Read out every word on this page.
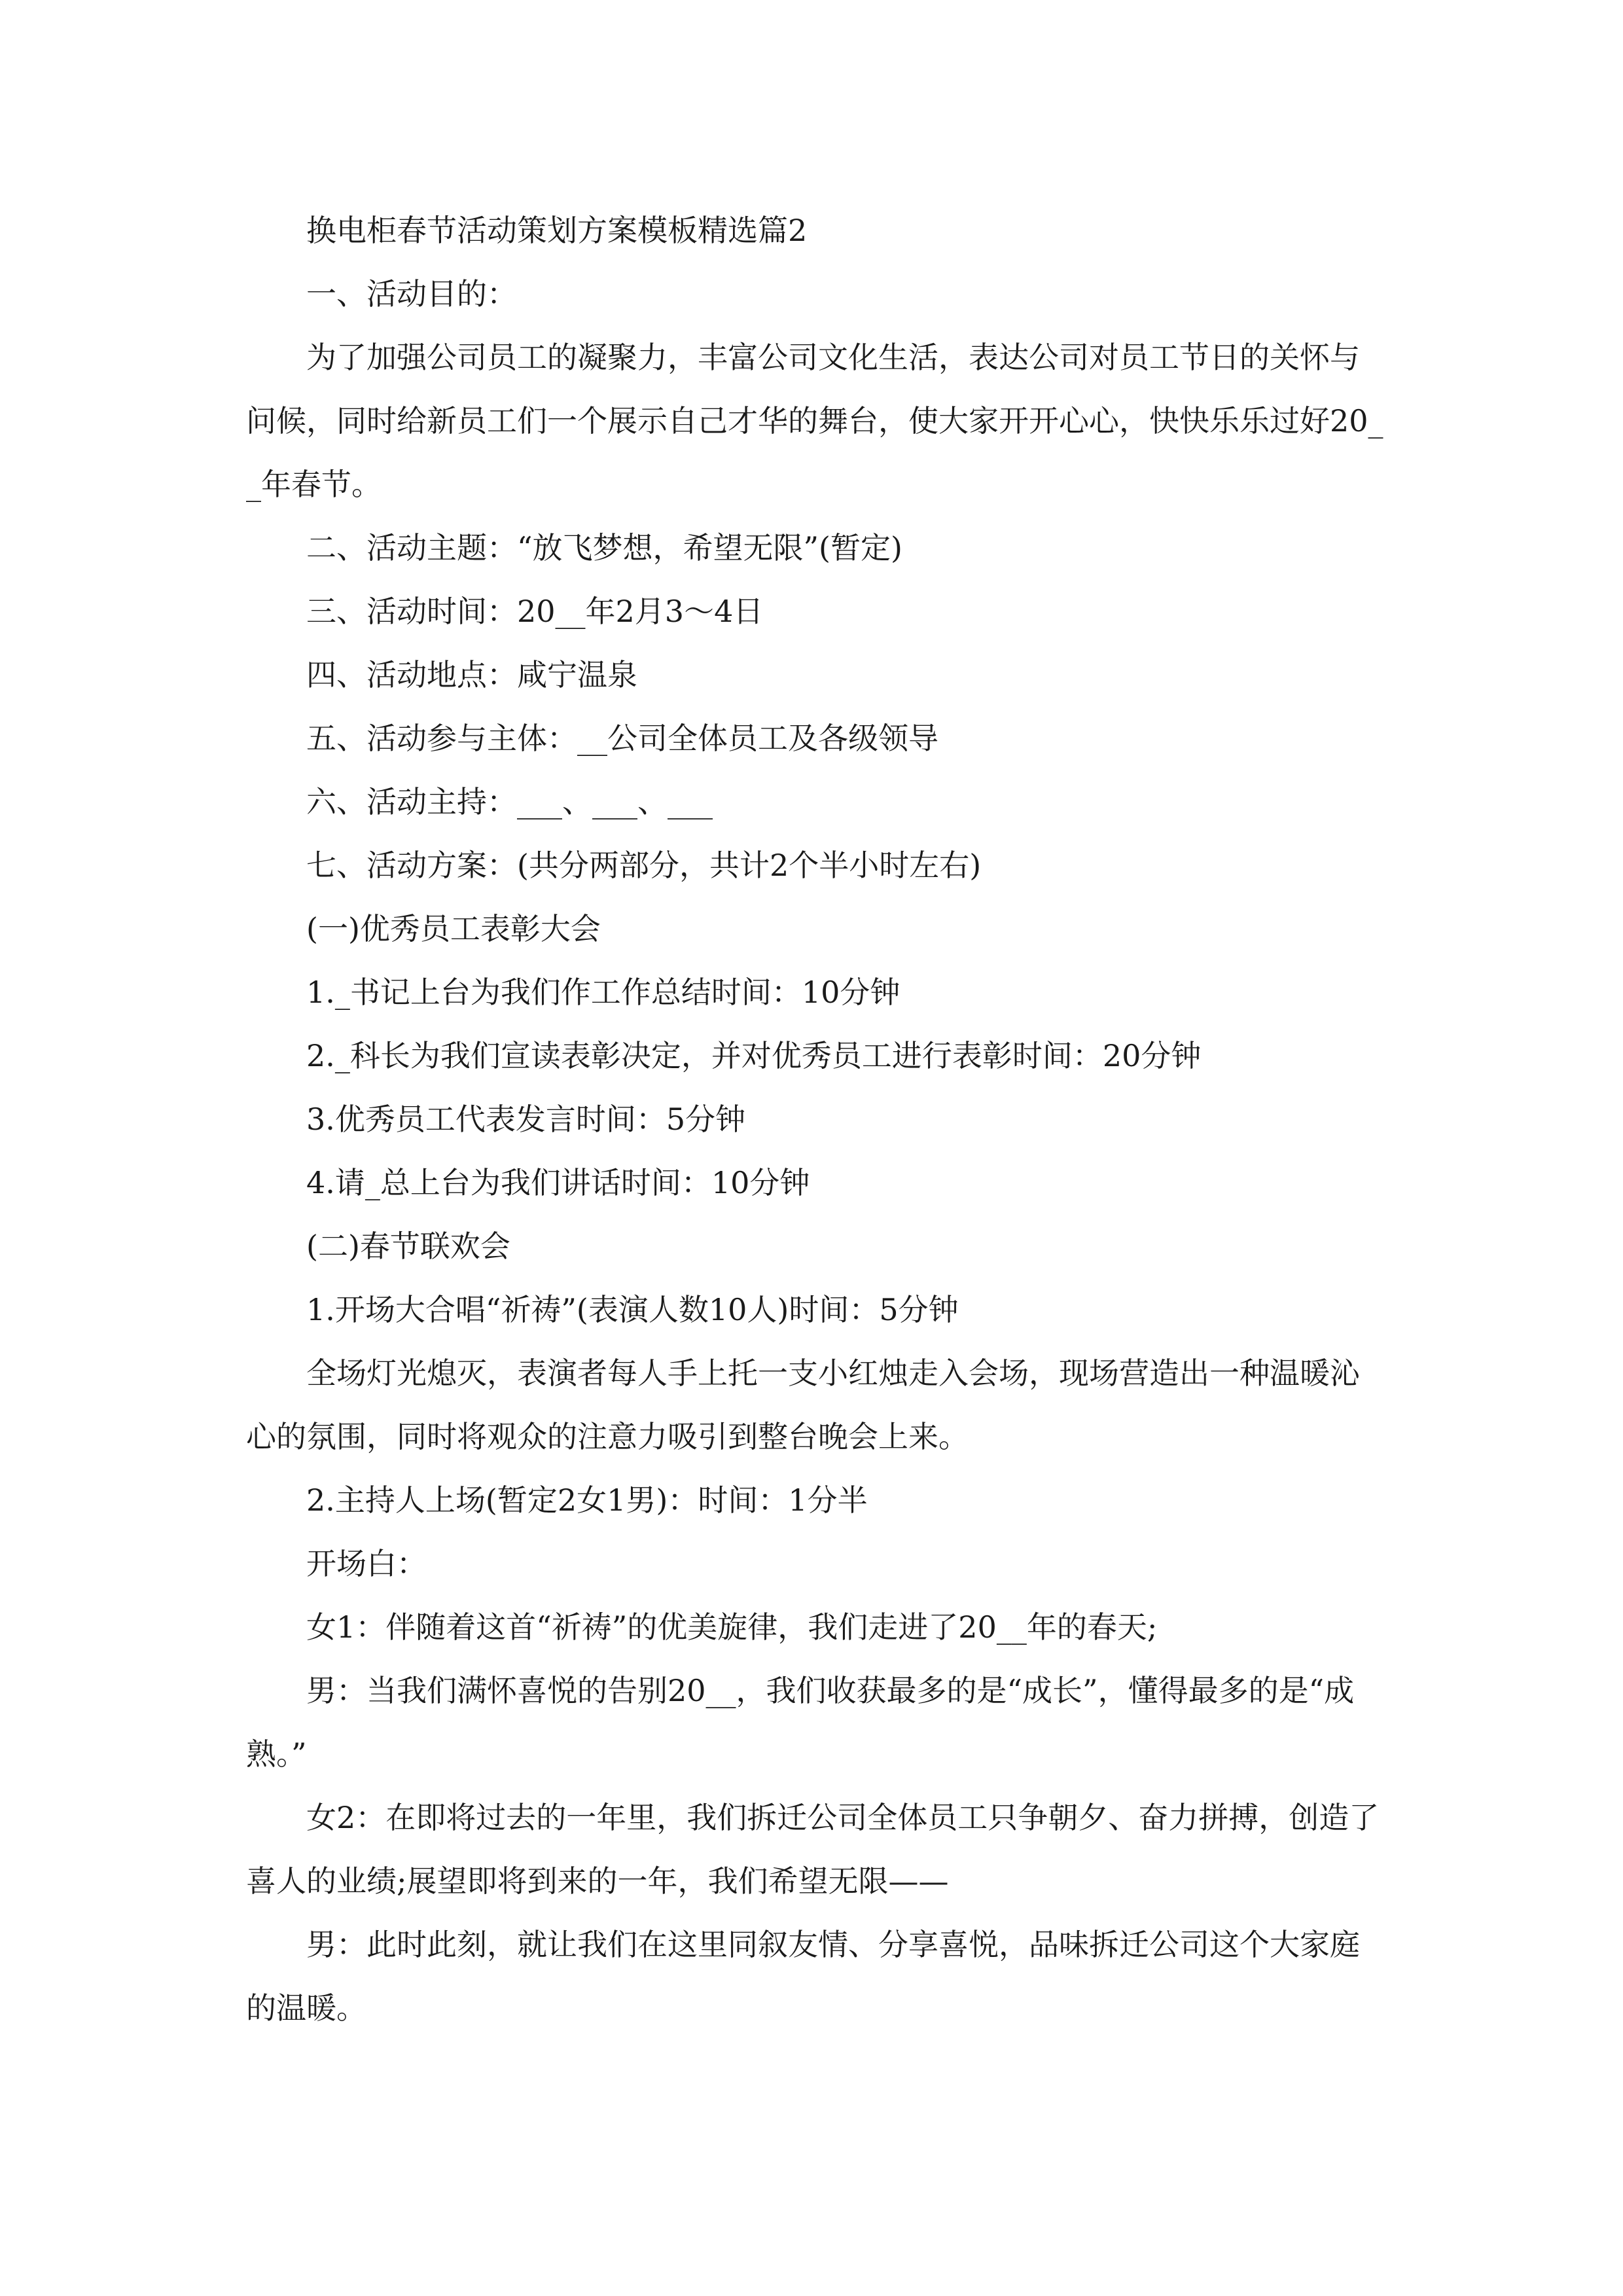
换电柜春节活动策划方案模板精选篇2

一、活动目的：

为了加强公司员工的凝聚力，丰富公司文化生活，表达公司对员工节日的关怀与问候，同时给新员工们一个展示自己才华的舞台，使大家开开心心，快快乐乐过好20__年春节。

二、活动主题：“放飞梦想，希望无限”(暂定)

三、活动时间：20__年2月3～4日

四、活动地点：咸宁温泉

五、活动参与主体：__公司全体员工及各级领导

六、活动主持：___、___、___

七、活动方案：(共分两部分，共计2个半小时左右)

(一)优秀员工表彰大会

1._书记上台为我们作工作总结时间：10分钟

2._科长为我们宣读表彰决定，并对优秀员工进行表彰时间：20分钟

3.优秀员工代表发言时间：5分钟

4.请_总上台为我们讲话时间：10分钟

(二)春节联欢会

1.开场大合唱“祈祷”(表演人数10人)时间：5分钟

全场灯光熄灭，表演者每人手上托一支小红烛走入会场，现场营造出一种温暖沁心的氛围，同时将观众的注意力吸引到整台晚会上来。

2.主持人上场(暂定2女1男)：时间：1分半

开场白：

女1：伴随着这首“祈祷”的优美旋律，我们走进了20__年的春天;

男：当我们满怀喜悦的告别20__，我们收获最多的是“成长”，懂得最多的是“成熟。”

女2：在即将过去的一年里，我们拆迁公司全体员工只争朝夕、奋力拼搏，创造了喜人的业绩;展望即将到来的一年，我们希望无限——

男：此时此刻，就让我们在这里同叙友情、分享喜悦，品味拆迁公司这个大家庭的温暖。
